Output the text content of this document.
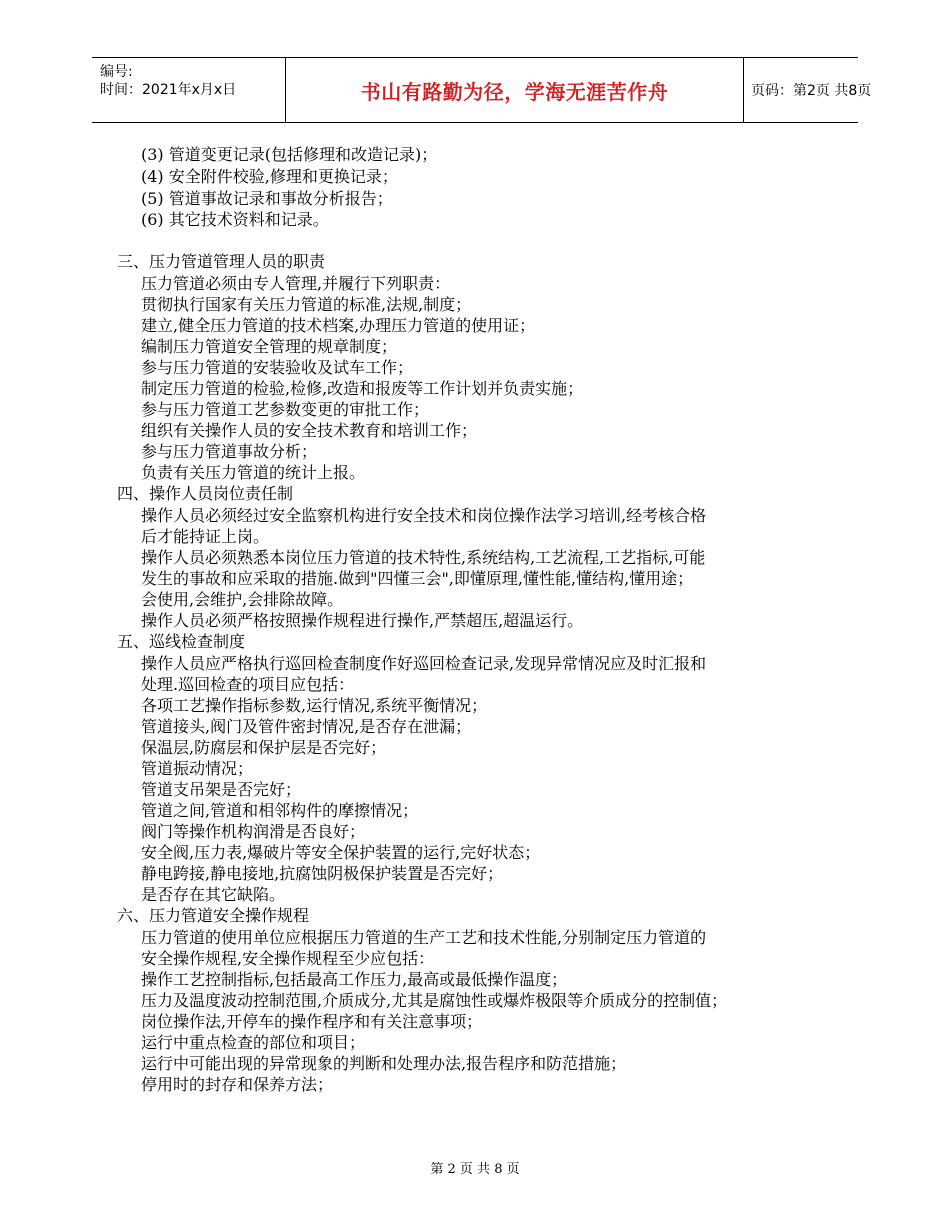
编号:
时间：2021年x月x日	书山有路勤为径，学海无涯苦作舟	页码：第2页 共8页
(3) 管道变更记录(包括修理和改造记录)；
(4) 安全附件校验,修理和更换记录；
(5) 管道事故记录和事故分析报告；
(6) 其它技术资料和记录。
三、压力管道管理人员的职责
压力管道必须由专人管理,并履行下列职责：
贯彻执行国家有关压力管道的标准,法规,制度；
建立,健全压力管道的技术档案,办理压力管道的使用证；
编制压力管道安全管理的规章制度；
参与压力管道的安装验收及试车工作；
制定压力管道的检验,检修,改造和报废等工作计划并负责实施；
参与压力管道工艺参数变更的审批工作；
组织有关操作人员的安全技术教育和培训工作；
参与压力管道事故分析；
负责有关压力管道的统计上报。
四、操作人员岗位责任制
操作人员必须经过安全监察机构进行安全技术和岗位操作法学习培训,经考核合格
后才能持证上岗。
操作人员必须熟悉本岗位压力管道的技术特性,系统结构,工艺流程,工艺指标,可能
发生的事故和应采取的措施.做到"四懂三会",即懂原理,懂性能,懂结构,懂用途；
会使用,会维护,会排除故障。
操作人员必须严格按照操作规程进行操作,严禁超压,超温运行。
五、巡线检查制度
操作人员应严格执行巡回检查制度作好巡回检查记录,发现异常情况应及时汇报和
处理.巡回检查的项目应包括：
各项工艺操作指标参数,运行情况,系统平衡情况；
管道接头,阀门及管件密封情况,是否存在泄漏；
保温层,防腐层和保护层是否完好；
管道振动情况；
管道支吊架是否完好；
管道之间,管道和相邻构件的摩擦情况；
阀门等操作机构润滑是否良好；
安全阀,压力表,爆破片等安全保护装置的运行,完好状态；
静电跨接,静电接地,抗腐蚀阴极保护装置是否完好；
是否存在其它缺陷。
六、压力管道安全操作规程
压力管道的使用单位应根据压力管道的生产工艺和技术性能,分别制定压力管道的
安全操作规程,安全操作规程至少应包括：
操作工艺控制指标,包括最高工作压力,最高或最低操作温度；
压力及温度波动控制范围,介质成分,尤其是腐蚀性或爆炸极限等介质成分的控制值；
岗位操作法,开停车的操作程序和有关注意事项；
运行中重点检查的部位和项目；
运行中可能出现的异常现象的判断和处理办法,报告程序和防范措施；
停用时的封存和保养方法；
第 2 页 共 8 页
